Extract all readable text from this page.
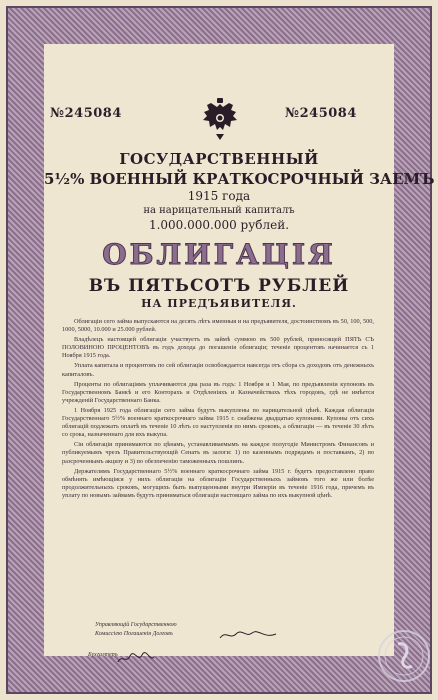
№245084	№245084
ГОСУДАРСТВЕННЫЙ
5½% ВОЕННЫЙ КРАТКОСРОЧНЫЙ ЗАЕМЪ
1915 года
на нарицательный капиталъ
1.000.000.000 рублей.
ОБЛИГАЦІЯ
ВЪ ПЯТЬСОТЪ РУБЛЕЙ
НА ПРЕДЪЯВИТЕЛЯ.

Облигаціи сего займа выпускаются на десять лѣтъ именныя и на предъявителя, достоинствомъ въ 50, 100, 500, 1000, 5000, 10.000 и 25.000 рублей.

Владѣлецъ настоящей облигаціи участвуетъ въ займѣ суммою въ 500 рублей, приносящей ПЯТЬ СЪ ПОЛОВИНОЮ ПРОЦЕНТОВЪ въ годъ дохода до погашенія облигаціи; теченіе процентовъ начинается съ 1 Ноября 1915 года.

Уплата капитала и процентовъ по сей облигаціи освобождается навсегда отъ сбора съ доходовъ отъ денежныхъ капиталовъ.

Проценты по облигаціямъ уплачиваются два раза въ годъ: 1 Ноября и 1 Мая, по предъявленіи купоновъ въ Государственномъ Банкѣ и его Конторахъ и Отдѣленіяхъ и Казначействахъ тѣхъ городовъ, гдѣ не имѣется учрежденій Государственнаго Банка.

1 Ноября 1925 года облигаціи сего займа будутъ выкуплены по нарицательной цѣнѣ. Каждая облигація Государственнаго 5½% военнаго краткосрочнаго займа 1915 г. снабжена двадцатью купонами. Купоны отъ сихъ облигацій подлежатъ оплатѣ въ теченіе 10 лѣтъ со наступленія по нимъ сроковъ, а облигаціи — въ теченіе 30 лѣтъ со срока, назначеннаго для ихъ выкупа.

Сіи облигаціи принимаются по цѣнамъ, устанавливаемымъ на каждое полугодіе Министромъ Финансовъ и публикуемымъ чрезъ Правительствующій Сенатъ въ залоги: 1) по казеннымъ подрядамъ и поставкамъ, 2) по разсроченнымъ акцизу и 3) по обезпеченію таможенныхъ пошлинъ.

Держателямъ Государственнаго 5½% военнаго краткосрочнаго займа 1915 г. будетъ предоставлено право обмѣнять имѣющіяся у нихъ облигаціи на облигаціи Государственныхъ займовъ того же или болѣе продолжительныхъ сроковъ, могущихъ быть выпущенными внутри Имперіи въ теченіе 1916 года, причемъ въ уплату по новымъ займамъ будутъ приниматься облигаціи настоящаго займа по ихъ выкупной цѣнѣ.

Управляющій Государственною
Комиссіею Погашенія Долговъ
Бухгалтеръ
